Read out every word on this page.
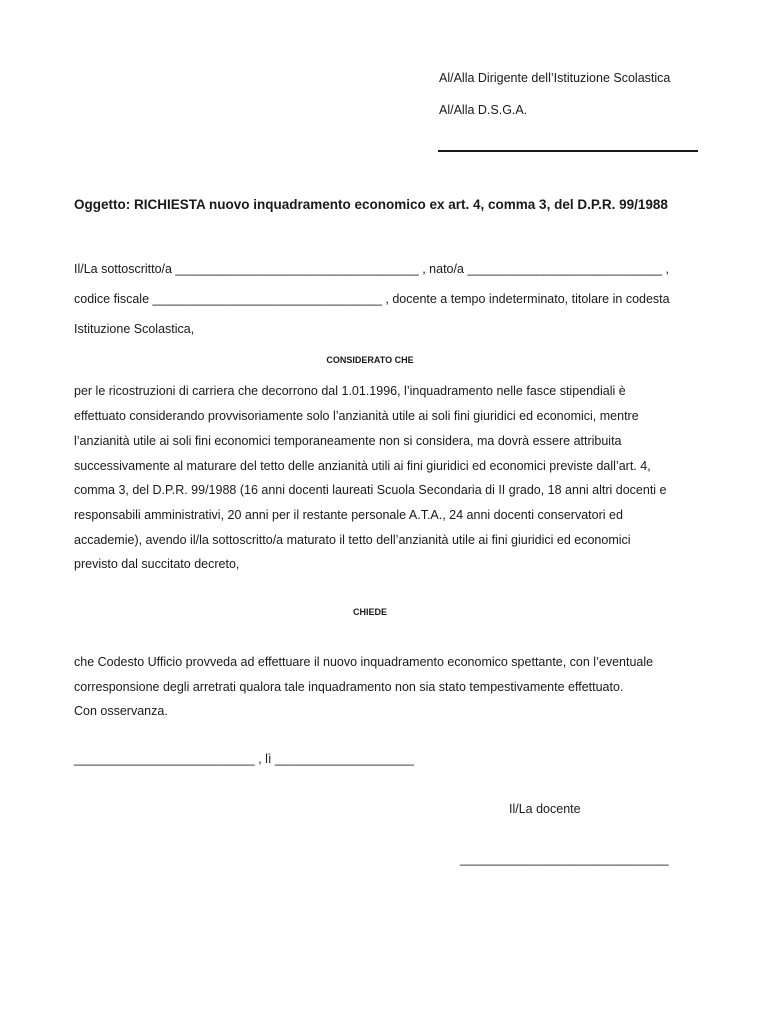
Al/Alla Dirigente dell’Istituzione Scolastica
Al/Alla D.S.G.A.
Oggetto: RICHIESTA nuovo inquadramento economico ex art. 4, comma 3, del D.P.R. 99/1988
Il/La sottoscritto/a ___________________________________ , nato/a ____________________________ ,
codice fiscale _________________________________ , docente a tempo indeterminato, titolare in codesta
Istituzione Scolastica,
CONSIDERATO CHE
per le ricostruzioni di carriera che decorrono dal 1.01.1996, l’inquadramento nelle fasce stipendiali è
effettuato considerando provvisoriamente solo l’anzianità utile ai soli fini giuridici ed economici, mentre
l’anzianità utile ai soli fini economici temporaneamente non si considera, ma dovrà essere attribuita
successivamente al maturare del tetto delle anzianità utili ai fini giuridici ed economici previste dall’art. 4,
comma 3, del D.P.R. 99/1988 (16 anni docenti laureati Scuola Secondaria di II grado, 18 anni altri docenti e
responsabili amministrativi, 20 anni per il restante personale A.T.A., 24 anni docenti conservatori ed
accademie), avendo il/la sottoscritto/a maturato il tetto dell’anzianità utile ai fini giuridici ed economici
previsto dal succitato decreto,
CHIEDE
che Codesto Ufficio provveda ad effettuare il nuovo inquadramento economico spettante, con l’eventuale
corresponsione degli arretrati qualora tale inquadramento non sia stato tempestivamente effettuato.
Con osservanza.
__________________________ , lì ____________________
Il/La docente
______________________________
